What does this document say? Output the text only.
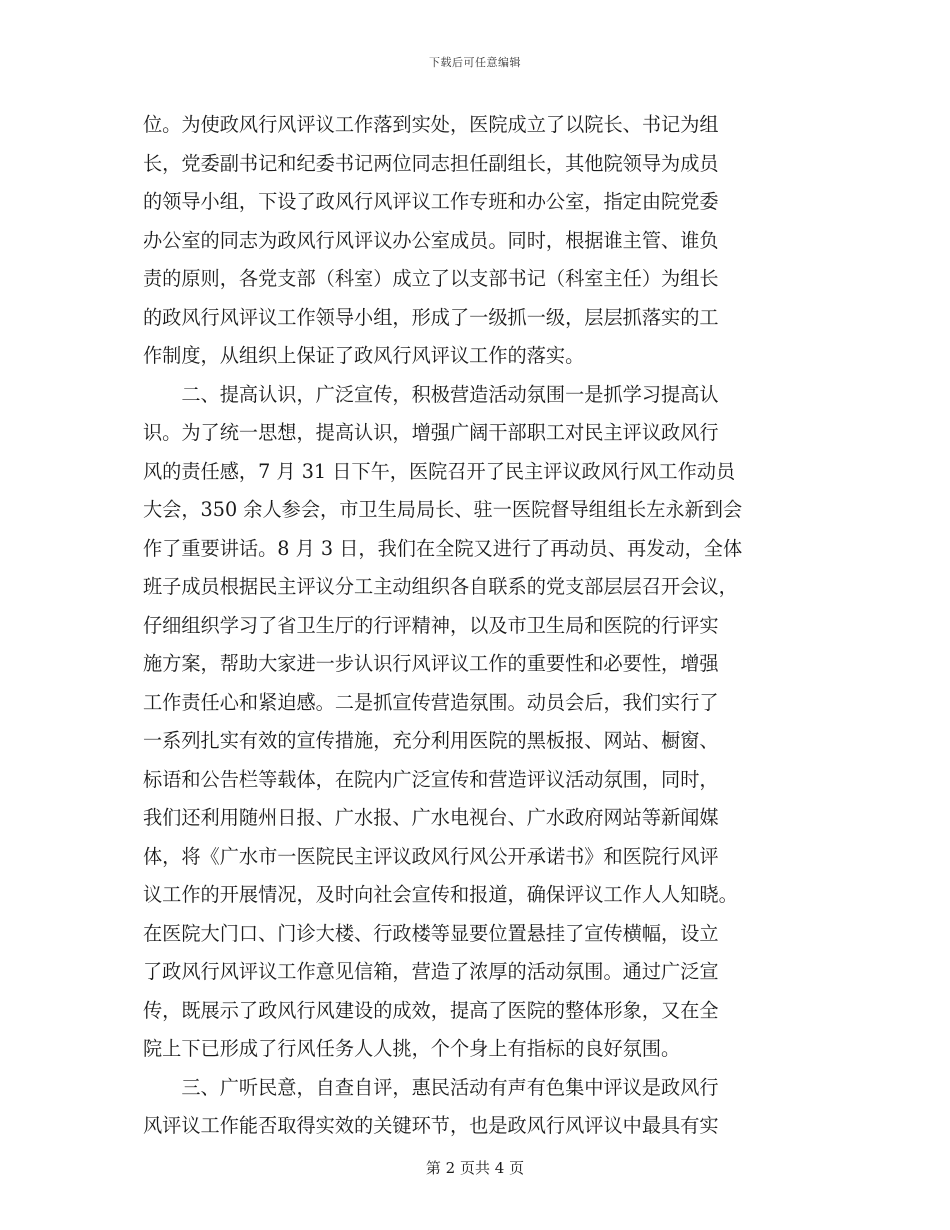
下载后可任意编辑
位。为使政风行风评议工作落到实处，医院成立了以院长、书记为组
长，党委副书记和纪委书记两位同志担任副组长，其他院领导为成员
的领导小组，下设了政风行风评议工作专班和办公室，指定由院党委
办公室的同志为政风行风评议办公室成员。同时，根据谁主管、谁负
责的原则，各党支部（科室）成立了以支部书记（科室主任）为组长
的政风行风评议工作领导小组，形成了一级抓一级，层层抓落实的工
作制度，从组织上保证了政风行风评议工作的落实。
　　二、提高认识，广泛宣传，积极营造活动氛围一是抓学习提高认
识。为了统一思想，提高认识，增强广阔干部职工对民主评议政风行
风的责任感，7 月 31 日下午，医院召开了民主评议政风行风工作动员
大会，350 余人参会，市卫生局局长、驻一医院督导组组长左永新到会
作了重要讲话。8 月 3 日，我们在全院又进行了再动员、再发动，全体
班子成员根据民主评议分工主动组织各自联系的党支部层层召开会议，
仔细组织学习了省卫生厅的行评精神，以及市卫生局和医院的行评实
施方案，帮助大家进一步认识行风评议工作的重要性和必要性，增强
工作责任心和紧迫感。二是抓宣传营造氛围。动员会后，我们实行了
一系列扎实有效的宣传措施，充分利用医院的黑板报、网站、橱窗、
标语和公告栏等载体，在院内广泛宣传和营造评议活动氛围，同时，
我们还利用随州日报、广水报、广水电视台、广水政府网站等新闻媒
体，将《广水市一医院民主评议政风行风公开承诺书》和医院行风评
议工作的开展情况，及时向社会宣传和报道，确保评议工作人人知晓。
在医院大门口、门诊大楼、行政楼等显要位置悬挂了宣传横幅，设立
了政风行风评议工作意见信箱，营造了浓厚的活动氛围。通过广泛宣
传，既展示了政风行风建设的成效，提高了医院的整体形象，又在全
院上下已形成了行风任务人人挑，个个身上有指标的良好氛围。
　　三、广听民意，自查自评，惠民活动有声有色集中评议是政风行
风评议工作能否取得实效的关键环节，也是政风行风评议中最具有实
第 2 页共 4 页
